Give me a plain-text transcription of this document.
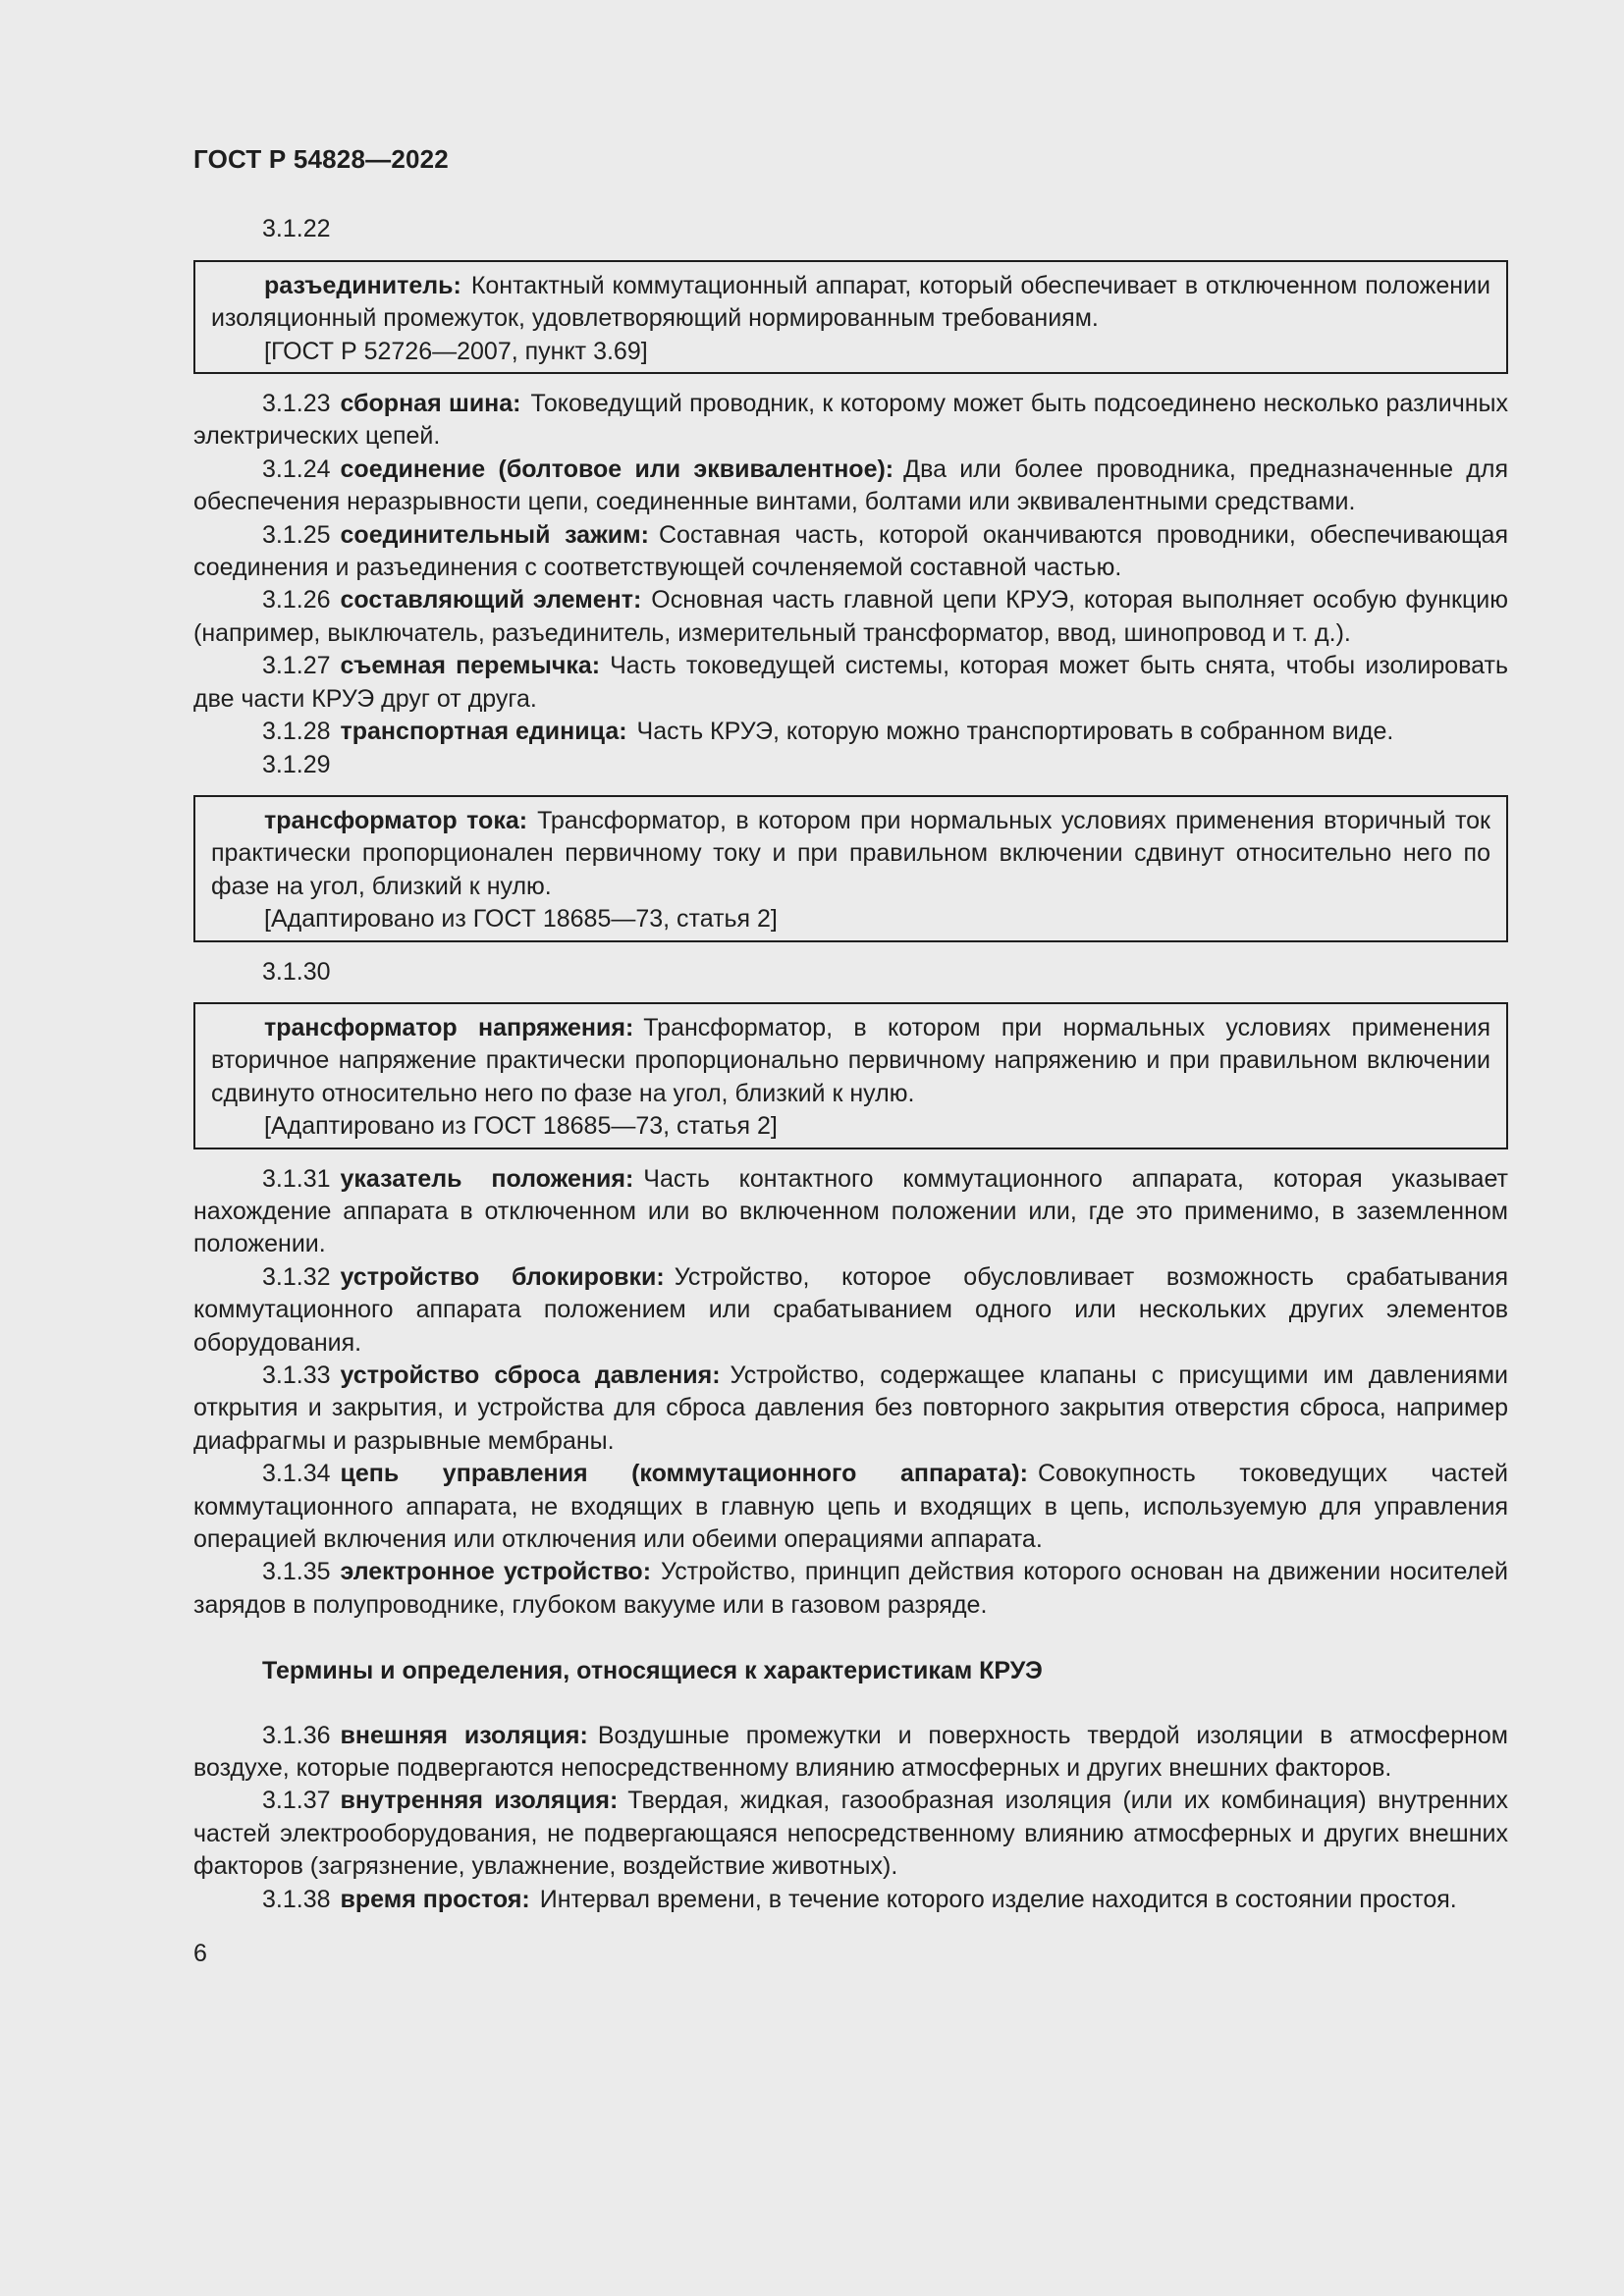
ГОСТ Р 54828—2022
3.1.22

разъединитель: Контактный коммутационный аппарат, который обеспечивает в отключенном положении изоляционный промежуток, удовлетворяющий нормированным требованиям.

[ГОСТ Р 52726—2007, пункт 3.69]

3.1.23 сборная шина: Токоведущий проводник, к которому может быть подсоединено несколько различных электрических цепей.

3.1.24 соединение (болтовое или эквивалентное): Два или более проводника, предназначенные для обеспечения неразрывности цепи, соединенные винтами, болтами или эквивалентными средствами.

3.1.25 соединительный зажим: Составная часть, которой оканчиваются проводники, обеспечивающая соединения и разъединения с соответствующей сочленяемой составной частью.

3.1.26 составляющий элемент: Основная часть главной цепи КРУЭ, которая выполняет особую функцию (например, выключатель, разъединитель, измерительный трансформатор, ввод, шинопровод и т. д.).

3.1.27 съемная перемычка: Часть токоведущей системы, которая может быть снята, чтобы изолировать две части КРУЭ друг от друга.

3.1.28 транспортная единица: Часть КРУЭ, которую можно транспортировать в собранном виде.

3.1.29

трансформатор тока: Трансформатор, в котором при нормальных условиях применения вторичный ток практически пропорционален первичному току и при правильном включении сдвинут относительно него по фазе на угол, близкий к нулю.

[Адаптировано из ГОСТ 18685—73, статья 2]

3.1.30

трансформатор напряжения: Трансформатор, в котором при нормальных условиях применения вторичное напряжение практически пропорционально первичному напряжению и при правильном включении сдвинуто относительно него по фазе на угол, близкий к нулю.

[Адаптировано из ГОСТ 18685—73, статья 2]

3.1.31 указатель положения: Часть контактного коммутационного аппарата, которая указывает нахождение аппарата в отключенном или во включенном положении или, где это применимо, в заземленном положении.

3.1.32 устройство блокировки: Устройство, которое обусловливает возможность срабатывания коммутационного аппарата положением или срабатыванием одного или нескольких других элементов оборудования.

3.1.33 устройство сброса давления: Устройство, содержащее клапаны с присущими им давлениями открытия и закрытия, и устройства для сброса давления без повторного закрытия отверстия сброса, например диафрагмы и разрывные мембраны.

3.1.34 цепь управления (коммутационного аппарата): Совокупность токоведущих частей коммутационного аппарата, не входящих в главную цепь и входящих в цепь, используемую для управления операцией включения или отключения или обеими операциями аппарата.

3.1.35 электронное устройство: Устройство, принцип действия которого основан на движении носителей зарядов в полупроводнике, глубоком вакууме или в газовом разряде.

Термины и определения, относящиеся к характеристикам КРУЭ

3.1.36 внешняя изоляция: Воздушные промежутки и поверхность твердой изоляции в атмосферном воздухе, которые подвергаются непосредственному влиянию атмосферных и других внешних факторов.

3.1.37 внутренняя изоляция: Твердая, жидкая, газообразная изоляция (или их комбинация) внутренних частей электрооборудования, не подвергающаяся непосредственному влиянию атмосферных и других внешних факторов (загрязнение, увлажнение, воздействие животных).

3.1.38 время простоя: Интервал времени, в течение которого изделие находится в состоянии простоя.

6
